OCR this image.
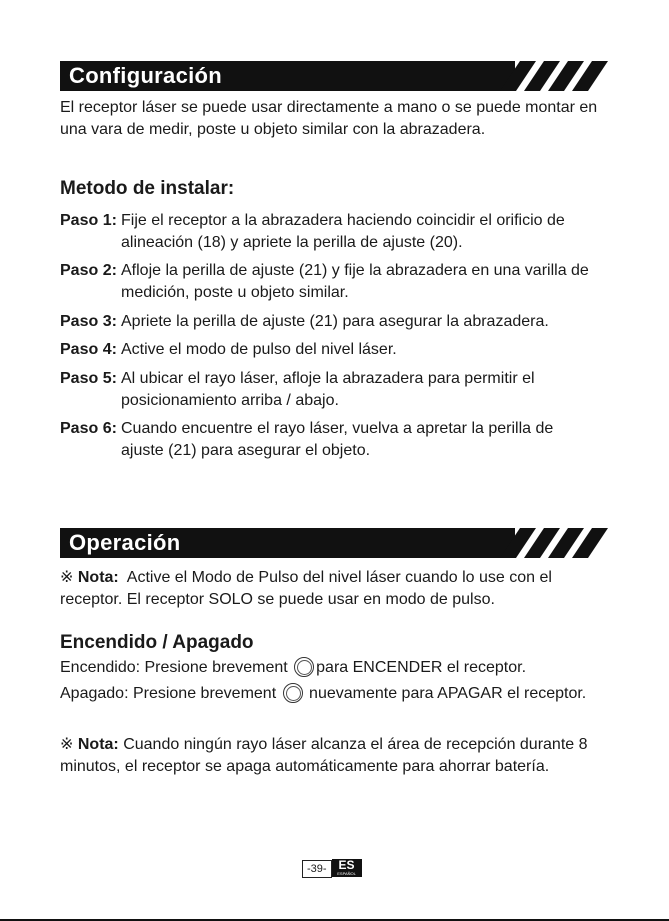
Configuración

El receptor láser se puede usar directamente a mano o se puede montar en una vara de medir, poste u objeto similar con la abrazadera.

Metodo de instalar:
Paso 1: Fije el receptor a la abrazadera haciendo coincidir el orificio de alineación (18) y apriete la perilla de ajuste (20).
Paso 2: Afloje la perilla de ajuste (21) y fije la abrazadera en una varilla de medición, poste u objeto similar.
Paso 3: Apriete la perilla de ajuste (21) para asegurar la abrazadera.
Paso 4: Active el modo de pulso del nivel láser.
Paso 5: Al ubicar el rayo láser, afloje la abrazadera para permitir el posicionamiento arriba / abajo.
Paso 6: Cuando encuentre el rayo láser, vuelva a apretar la perilla de ajuste (21) para asegurar el objeto.
Operación

※ Nota: Active el Modo de Pulso del nivel láser cuando lo use con el receptor. El receptor SOLO se puede usar en modo de pulso.

Encendido / Apagado

Encendido: Presione brevement para ENCENDER el receptor.

Apagado: Presione brevement nuevamente para APAGAR el receptor.

※ Nota: Cuando ningún rayo láser alcanza el área de recepción durante 8 minutos, el receptor se apaga automáticamente para ahorrar batería.

-39- ES
ESPAÑOL
